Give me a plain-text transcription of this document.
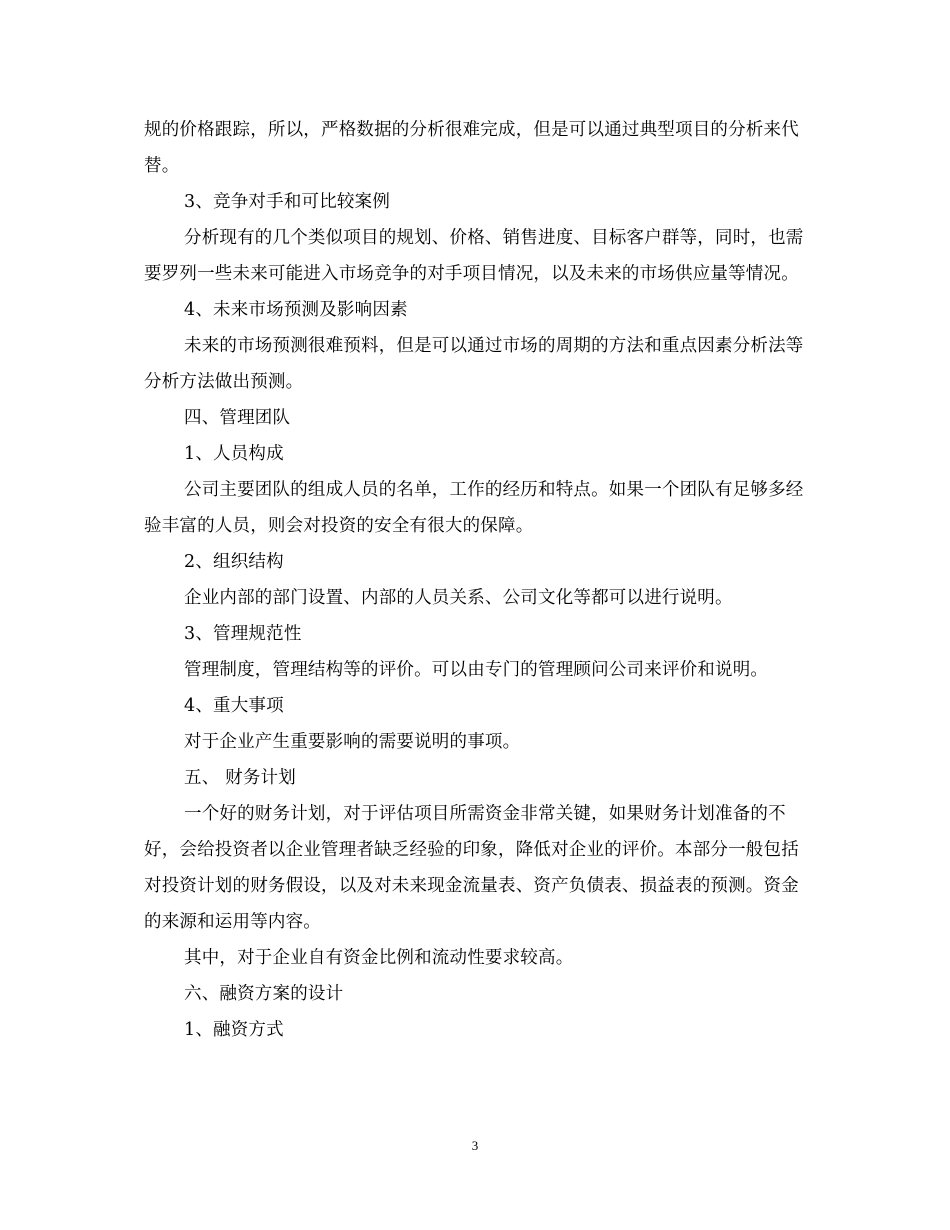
规的价格跟踪，所以，严格数据的分析很难完成，但是可以通过典型项目的分析来代替。

3、竞争对手和可比较案例

分析现有的几个类似项目的规划、价格、销售进度、目标客户群等，同时，也需要罗列一些未来可能进入市场竞争的对手项目情况，以及未来的市场供应量等情况。

4、未来市场预测及影响因素

未来的市场预测很难预料，但是可以通过市场的周期的方法和重点因素分析法等分析方法做出预测。

四、管理团队

1、人员构成

公司主要团队的组成人员的名单，工作的经历和特点。如果一个团队有足够多经验丰富的人员，则会对投资的安全有很大的保障。

2、组织结构

企业内部的部门设置、内部的人员关系、公司文化等都可以进行说明。

3、管理规范性

管理制度，管理结构等的评价。可以由专门的管理顾问公司来评价和说明。

4、重大事项

对于企业产生重要影响的需要说明的事项。

五、 财务计划

一个好的财务计划，对于评估项目所需资金非常关键，如果财务计划准备的不好，会给投资者以企业管理者缺乏经验的印象，降低对企业的评价。本部分一般包括对投资计划的财务假设，以及对未来现金流量表、资产负债表、损益表的预测。资金的来源和运用等内容。

其中，对于企业自有资金比例和流动性要求较高。

六、融资方案的设计

1、融资方式

3
